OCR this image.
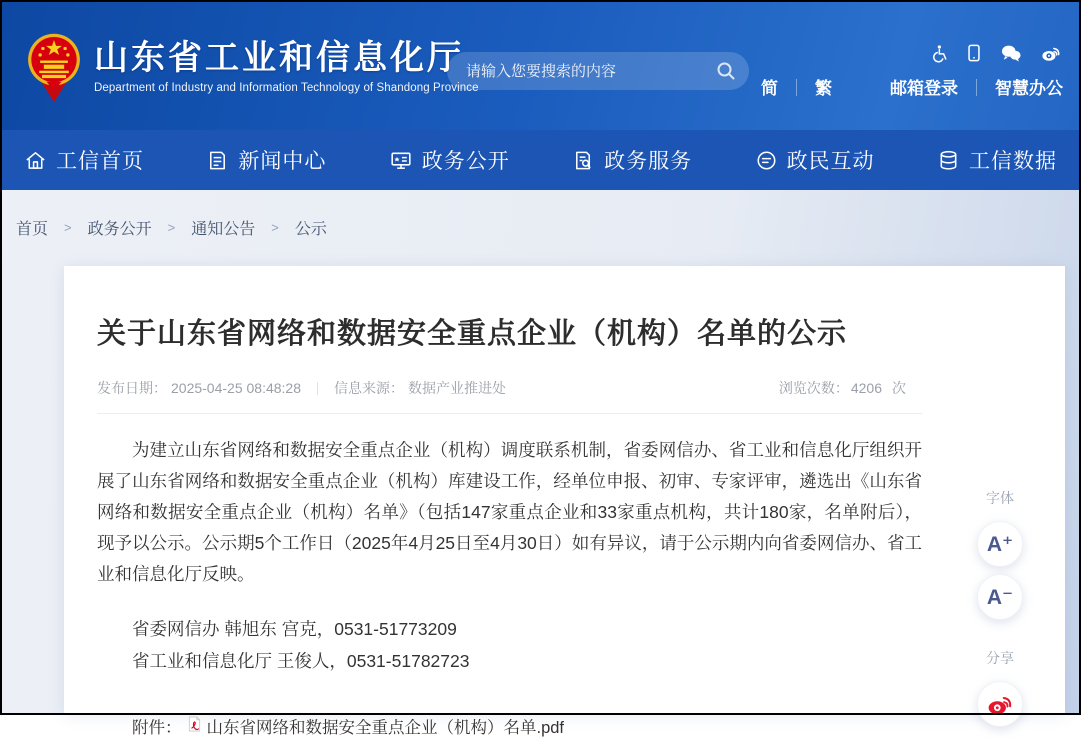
山东省工业和信息化厅
Department of Industry and Information Technology of Shandong Province
请输入您要搜索的内容	简 ｜ 繁	邮箱登录 ｜ 智慧办公
工信首页	新闻中心	政务公开	政务服务	政民互动	工信数据
首页 > 政务公开 > 通知公告 > 公示
关于山东省网络和数据安全重点企业（机构）名单的公示
发布日期： 2025-04-25 08:48:28 信息来源： 数据产业推进处	浏览次数： 4206 次

为建立山东省网络和数据安全重点企业（机构）调度联系机制，省委网信办、省工业和信息化厅组织开展了山东省网络和数据安全重点企业（机构）库建设工作，经单位申报、初审、专家评审，遴选出《山东省网络和数据安全重点企业（机构）名单》（包括147家重点企业和33家重点机构，共计180家，名单附后），现予以公示。公示期5个工作日（2025年4月25日至4月30日）如有异议，请于公示期内向省委网信办、省工业和信息化厅反映。

省委网信办 韩旭东 宫克，0531-51773209

省工业和信息化厅 王俊人，0531-51782723

附件： 山东省网络和数据安全重点企业（机构）名单.pdf
字体
A⁺
A⁻
分享
